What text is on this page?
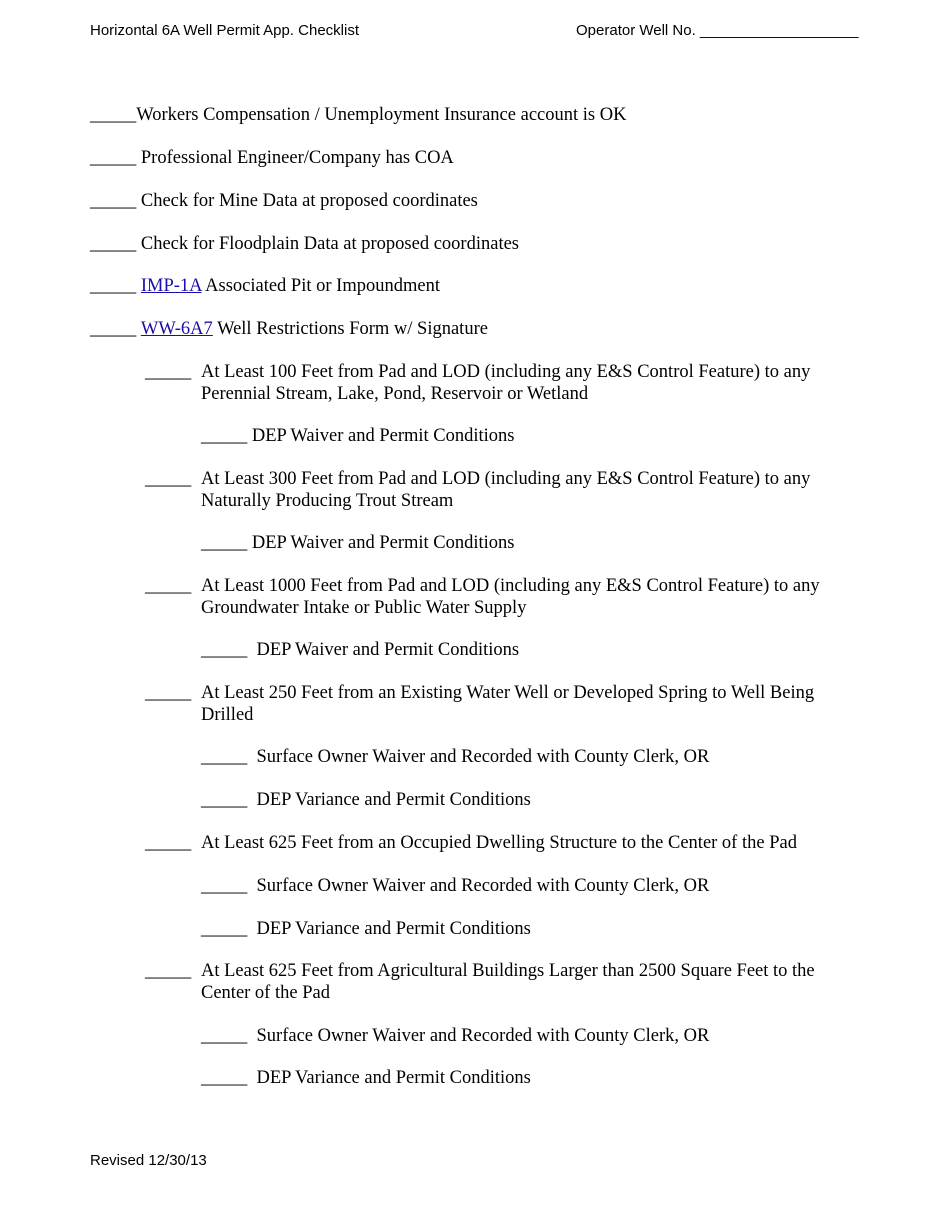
Horizontal 6A Well Permit App. Checklist	Operator Well No. ___________________
_____ Workers Compensation / Unemployment Insurance account is OK
_____ Professional Engineer/Company has COA
_____ Check for Mine Data at proposed coordinates
_____ Check for Floodplain Data at proposed coordinates
_____ IMP-1A Associated Pit or Impoundment
_____ WW-6A7 Well Restrictions Form w/ Signature
_____ At Least 100 Feet from Pad and LOD (including any E&S Control Feature) to any Perennial Stream, Lake, Pond, Reservoir or Wetland
_____ DEP Waiver and Permit Conditions
_____ At Least 300 Feet from Pad and LOD (including any E&S Control Feature) to any Naturally Producing Trout Stream
_____ DEP Waiver and Permit Conditions
_____ At Least 1000 Feet from Pad and LOD (including any E&S Control Feature) to any Groundwater Intake or Public Water Supply
_____ DEP Waiver and Permit Conditions
_____ At Least 250 Feet from an Existing Water Well or Developed Spring to Well Being Drilled
_____ Surface Owner Waiver and Recorded with County Clerk, OR
_____ DEP Variance and Permit Conditions
_____ At Least 625 Feet from an Occupied Dwelling Structure to the Center of the Pad
_____ Surface Owner Waiver and Recorded with County Clerk, OR
_____ DEP Variance and Permit Conditions
_____ At Least 625 Feet from Agricultural Buildings Larger than 2500 Square Feet to the Center of the Pad
_____ Surface Owner Waiver and Recorded with County Clerk, OR
_____ DEP Variance and Permit Conditions
Revised 12/30/13
